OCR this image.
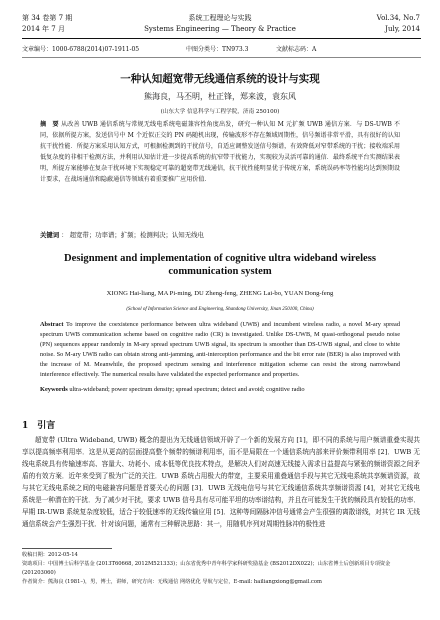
第 34 卷第 7 期	系统工程理论与实践	Vol.34, No.7
2014 年 7 月	Systems Engineering — Theory & Practice	July, 2014
文章编号：1000-6788(2014)07-1911-05	中图分类号：TN973.3	文献标志码：A
一种认知超宽带无线通信系统的设计与实现
熊海良，马丕明，杜正锋，郑来波，袁东风
(山东大学 信息科学与工程学院，济南 250100)
摘　要 从改善 UWB 通信系统与常规无线电系统电磁兼容性角度出发，研究一种认知 M 元扩频 UWB 通信方案．与 DS-UWB 不同，依据所提方案，发送信号中 M 个近似正交的 PN 码随机出现，传输波形不存在频域周期性，信号频谱非常平滑，具有很好的认知抗干扰性能．所提方案采用认知方式，可根据检测到的干扰信号，自适应调整发送信号频谱，有效降低对窄带系统的干扰；接收端采用低复杂度的非相干检测方法，并利用认知估计进一步提高系统的抗窄带干扰能力，实现较为灵活可靠的通信．最终系统平台实测结果表明，所提方案能够在复杂干扰环境下实现稳定可靠的超宽带无线通信，抗干扰性能明显优于传统方案，系统误码率等性能均达到预期设计要求，在战场通信和隐蔽通信等领域有着重要推广应用价值．
关键词 ： 超宽带；功率谱；扩频；检测判决；认知无线电
Designment and implementation of cognitive ultra wideband wireless communication system
XIONG Hai-liang, MA Pi-ming, DU Zheng-feng, ZHENG Lai-bo, YUAN Dong-feng
(School of Information Science and Engineering, Shandong University, Jinan 250100, China)
Abstract To improve the coexistence performance between ultra wideband (UWB) and incumbent wireless radio, a novel M-ary spread spectrum UWB communication scheme based on cognitive radio (CR) is investigated. Unlike DS-UWB, M quasi-orthogonal pseudo noise (PN) sequences appear randomly in M-ary spread spectrum UWB signal, its spectrum is smoother than DS-UWB signal, and close to white noise. So M-ary UWB radio can obtain strong anti-jamming, anti-interception performance and the bit error rate (BER) is also improved with the increase of M. Meanwhile, the proposed spectrum sensing and interference mitigation scheme can resist the strong narrowband interference effectively. The numerical results have validated the expected performance and properties.
Keywords ultra-wideband; power spectrum density; spread spectrum; detect and avoid; cognitive radio
1　引言
超宽带 (Ultra Wideband, UWB) 概念的提出为无线通信领域开辟了一个新的发展方向 [1]，即不同的系统与用户频谱重叠实现共享以提高频率利用率．这是从更高的层面提高整个频带的频谱利用率，而不是局限在一个通信系统内部来评价频带利用率 [2]．UWB 无线电系统具有传输速率高、容量大、功耗小、成本低等优良技术特点，是解决人们对高速无线接入需求日益提高与紧张的频谱资源之间矛盾的有效方案．近年来受到了极为广泛的关注．UWB 系统占用极大的带宽，主要采用重叠通信手段与其它无线电系统共享频谱资源，故与其它无线电系统之间的电磁兼容问题是首要关心的问题 [3]．UWB 无线电信号与其它无线通信系统共享频谱资源 [4]，对其它无线电系统是一种潜在的干扰．为了减少对干扰，要求 UWB 信号具有尽可能平坦的功率谱结构，并且在可能发生干扰的频段具有较低的功率．早期 IR-UWB 系统复杂度较低，适合于较低速率的无线传输应用 [5]．这种等间隔脉冲信号通常会产生很强的离散谱线，对其它 IR 无线通信系统会产生强烈干扰．针对该问题，通常有三种解决思路：其一，用随机序列对周期性脉冲的极性进
收稿日期：2012-05-14
资助项目：中国博士后科学基金 (2013T60668, 2012M521333)；山东省优秀中青年科学家科研奖励基金 (BS2012DX022)；山东省博士后创新项目专项资金 (201203060)
作者简介：熊海良 (1981–)，男，博士，讲师，研究方向：无线通信 网络优化 导航与定位，E-mail: hailiangxiong@gmail.com
